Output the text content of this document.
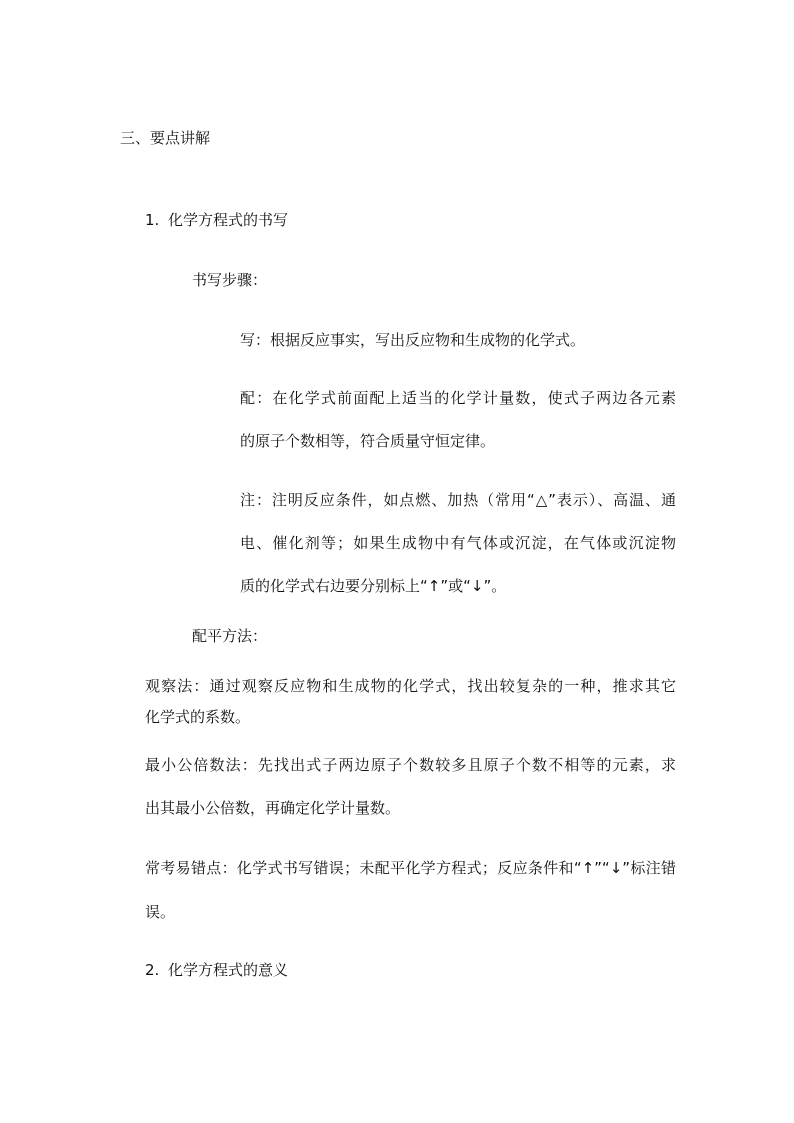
三、要点讲解
1. 化学方程式的书写
书写步骤：
写：根据反应事实，写出反应物和生成物的化学式。
配：在化学式前面配上适当的化学计量数，使式子两边各元素
的原子个数相等，符合质量守恒定律。
注：注明反应条件，如点燃、加热（常用“△”表示）、高温、通
电、催化剂等；如果生成物中有气体或沉淀，在气体或沉淀物
质的化学式右边要分别标上“↑”或“↓”。
配平方法：
观察法：通过观察反应物和生成物的化学式，找出较复杂的一种，推求其它
化学式的系数。
最小公倍数法：先找出式子两边原子个数较多且原子个数不相等的元素，求
出其最小公倍数，再确定化学计量数。
常考易错点：化学式书写错误；未配平化学方程式；反应条件和“↑”“↓”标注错
误。
2. 化学方程式的意义
